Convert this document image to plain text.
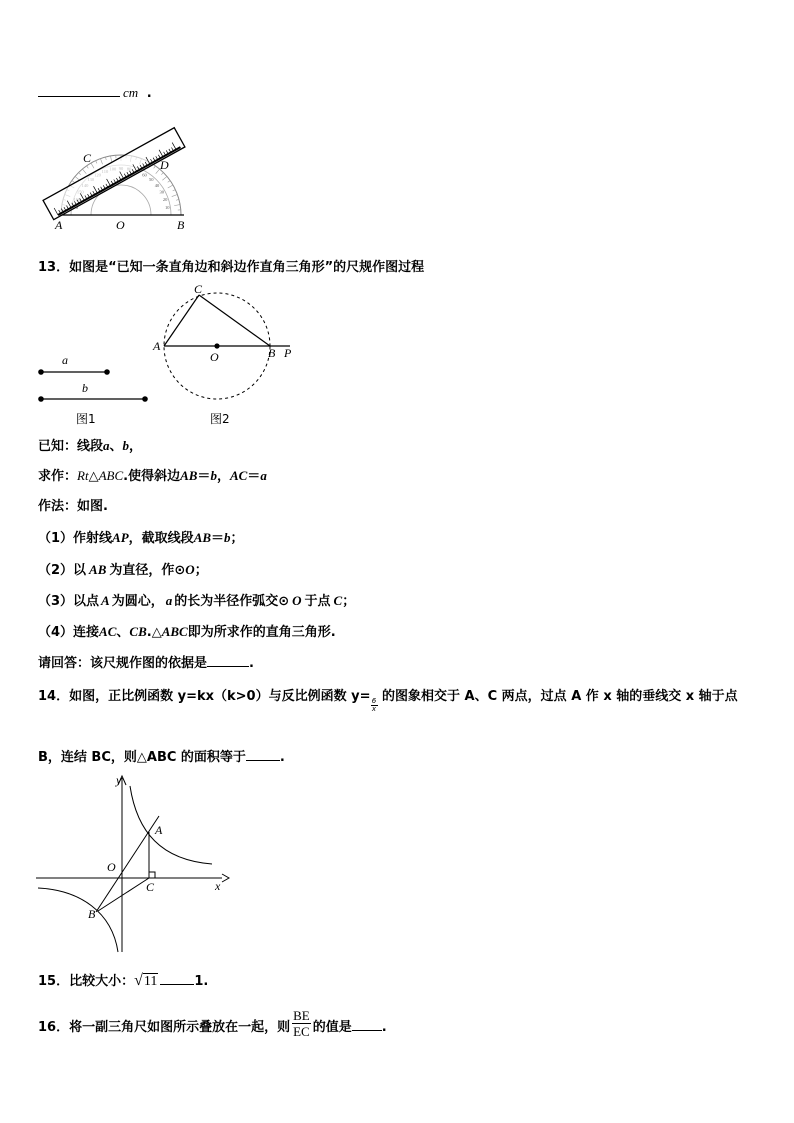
cm .
10
20
30
40
50
60
C	D
A	O	B
13．如图是“已知一条直角边和斜边作直角三角形”的尺规作图过程
a
b
图1
C
A
O	B P
图2
已知：线段a、b，
求作：Rt△ABC.使得斜边AB＝b，AC＝a
作法：如图.
（1）作射线AP，截取线段AB＝b；
（2）以 AB 为直径，作⊙O；
（3）以点 A 为圆心， a 的长为半径作弧交⊙ O 于点 C；
（4）连接AC、CB.△ABC即为所求作的直角三角形.
请回答：该尺规作图的依据是	.
14．如图，正比例函数 y=kx（k>0）与反比例函数 y=
$\frac{6}{x}$
的图象相交于 A、C 两点，过点 A 作 x 轴的垂线交 x 轴于点
B，连结 BC，则△ABC 的面积等于	.
y
A
O
C	x
B
15．比较大小：√11	1.
16．将一副三角尺如图所示叠放在一起，则 $\frac{BE}{EC}$ 的值是 .
